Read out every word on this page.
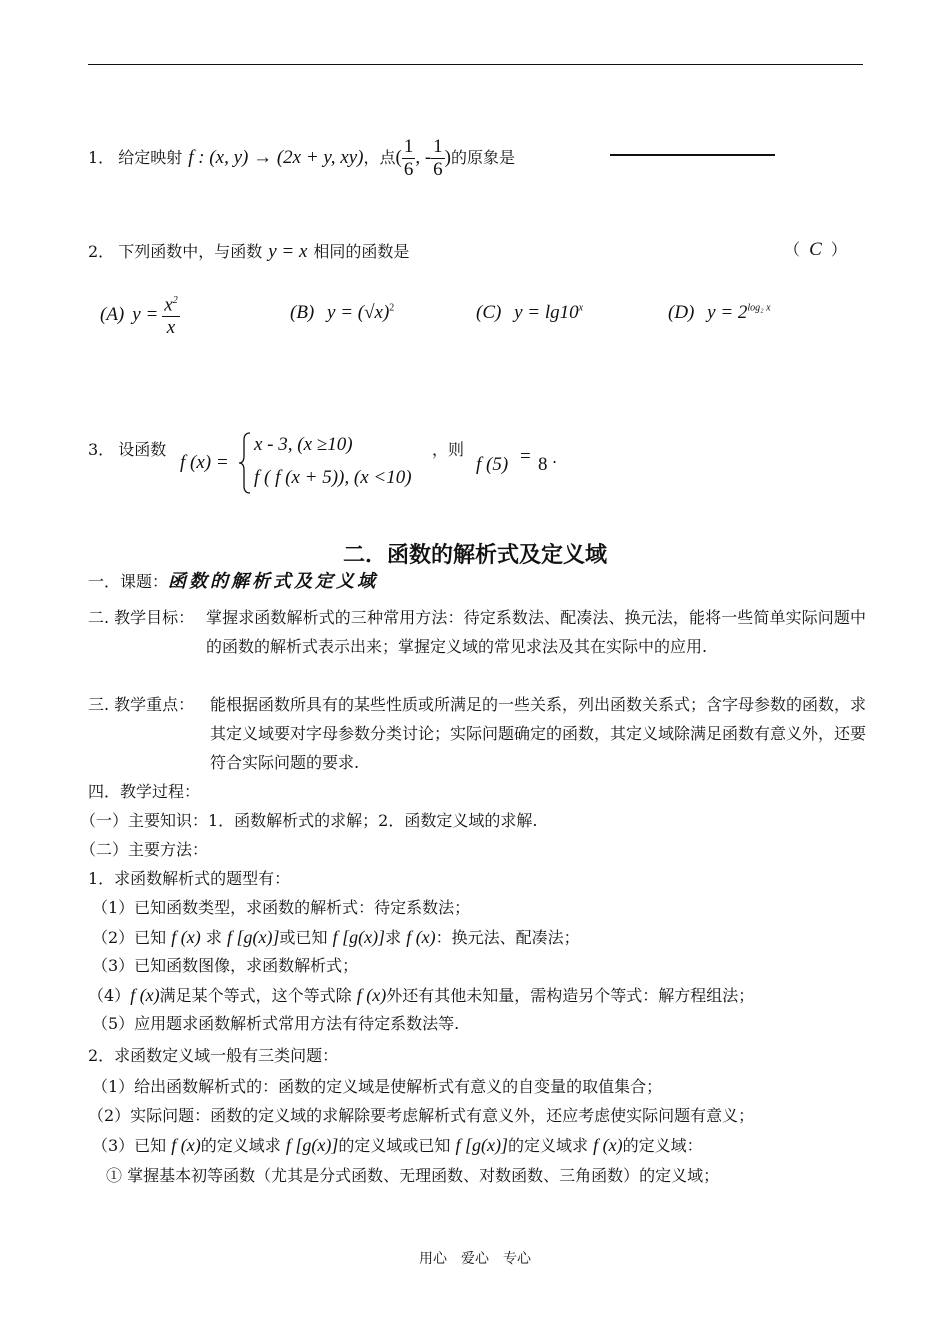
1． 给定映射 f : (x, y) → (2x + y, xy) ，点 ( $\frac{1}{6}$ , - $\frac{1}{6}$ ) 的原象是
2． 下列函数中，与函数 y = x 相同的函数是	（ C ）
(A) $y = \frac{x^2}{x}$	(B) $y = (√x)^2$	(C) $y = \lg 10^x$	(D) $y = 2^{log_2 x}$
3． 设函数
f (x) =
x - 3, (x ≥10)
f ( f (x + 5)), (x <10)
，则
f (5) = 8 .
二．函数的解析式及定义域
一．课题：函数的解析式及定义域
二. 教学目标： 掌握求函数解析式的三种常用方法：待定系数法、配凑法、换元法，能将一些简单实际问题中的函数的解析式表示出来；掌握定义域的常见求法及其在实际中的应用.
三. 教学重点： 能根据函数所具有的某些性质或所满足的一些关系，列出函数关系式；含字母参数的函数，求其定义域要对字母参数分类讨论；实际问题确定的函数，其定义域除满足函数有意义外，还要符合实际问题的要求.
四．教学过程：
（一）主要知识：1．函数解析式的求解；2．函数定义域的求解.
（二）主要方法：
1．求函数解析式的题型有：
（1）已知函数类型，求函数的解析式：待定系数法；
（2）已知 f (x) 求 f [g(x)]或已知 f [g(x)]求 f (x)：换元法、配凑法；
（3）已知函数图像，求函数解析式；
（4）f (x)满足某个等式，这个等式除 f (x)外还有其他未知量，需构造另个等式：解方程组法；
（5）应用题求函数解析式常用方法有待定系数法等.
2．求函数定义域一般有三类问题：
（1）给出函数解析式的：函数的定义域是使解析式有意义的自变量的取值集合；
（2）实际问题：函数的定义域的求解除要考虑解析式有意义外，还应考虑使实际问题有意义；
（3）已知 f (x)的定义域求 f [g(x)]的定义域或已知 f [g(x)]的定义域求 f (x)的定义域：
① 掌握基本初等函数（尤其是分式函数、无理函数、对数函数、三角函数）的定义域；
用心　爱心　专心
